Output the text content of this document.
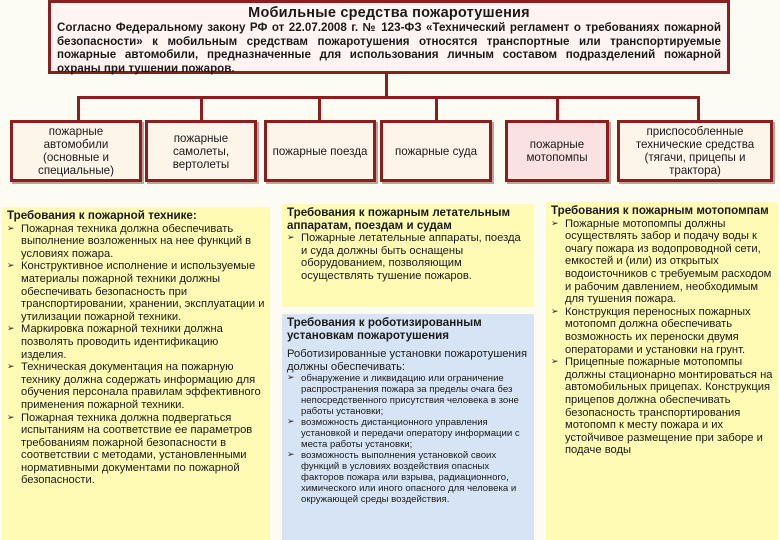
Мобильные средства пожаротушения
Согласно Федеральному закону РФ от 22.07.2008 г. № 123-ФЗ «Технический регламент о требованиях пожарной безопасности» к мобильным средствам пожаротушения относятся транспортные или транспортируемые пожарные автомобили, предназначенные для использования личным составом подразделений пожарной охраны при тушении пожаров.
пожарные автомобили (основные и специальные)
пожарные самолеты, вертолеты
пожарные поезда пожарные суда	пожарные мотопомпы
приспособленные технические средства (тягачи, прицепы и трактора)
Требования к пожарной технике:
➢ Пожарная техника должна обеспечивать выполнение возложенных на нее функций в условиях пожара.
➢ Конструктивное исполнение и используемые материалы пожарной техники должны обеспечивать безопасность при транспортировании, хранении, эксплуатации и утилизации пожарной техники.
➢ Маркировка пожарной техники должна позволять проводить идентификацию изделия.
➢ Техническая документация на пожарную технику должна содержать информацию для обучения персонала правилам эффективного применения пожарной техники.
➢ Пожарная техника должна подвергаться испытаниям на соответствие ее параметров требованиям пожарной безопасности в соответствии с методами, установленными нормативными документами по пожарной безопасности.
Требования к пожарным летательным аппаратам, поездам и судам
➢ Пожарные летательные аппараты, поезда и суда должны быть оснащены оборудованием, позволяющим осуществлять тушение пожаров.
Требования к роботизированным установкам пожаротушения
Роботизированные установки пожаротушения должны обеспечивать:
➢ обнаружение и ликвидацию или ограничение распространения пожара за пределы очага без непосредственного присутствия человека в зоне работы установки;
➢ возможность дистанционного управления установкой и передачи оператору информации с места работы установки;
➢ возможность выполнения установкой своих функций в условиях воздействия опасных факторов пожара или взрыва, радиационного, химического или иного опасного для человека и окружающей среды воздействия.
Требования к пожарным мотопомпам
➢ Пожарные мотопомпы должны осуществлять забор и подачу воды к очагу пожара из водопроводной сети, емкостей и (или) из открытых водоисточников с требуемым расходом и рабочим давлением, необходимым для тушения пожара.
➢ Конструкция переносных пожарных мотопомп должна обеспечивать возможность их переноски двумя операторами и установки на грунт.
➢ Прицепные пожарные мотопомпы должны стационарно монтироваться на автомобильных прицепах. Конструкция прицепов должна обеспечивать безопасность транспортирования мотопомп к месту пожара и их устойчивое размещение при заборе и подаче воды
